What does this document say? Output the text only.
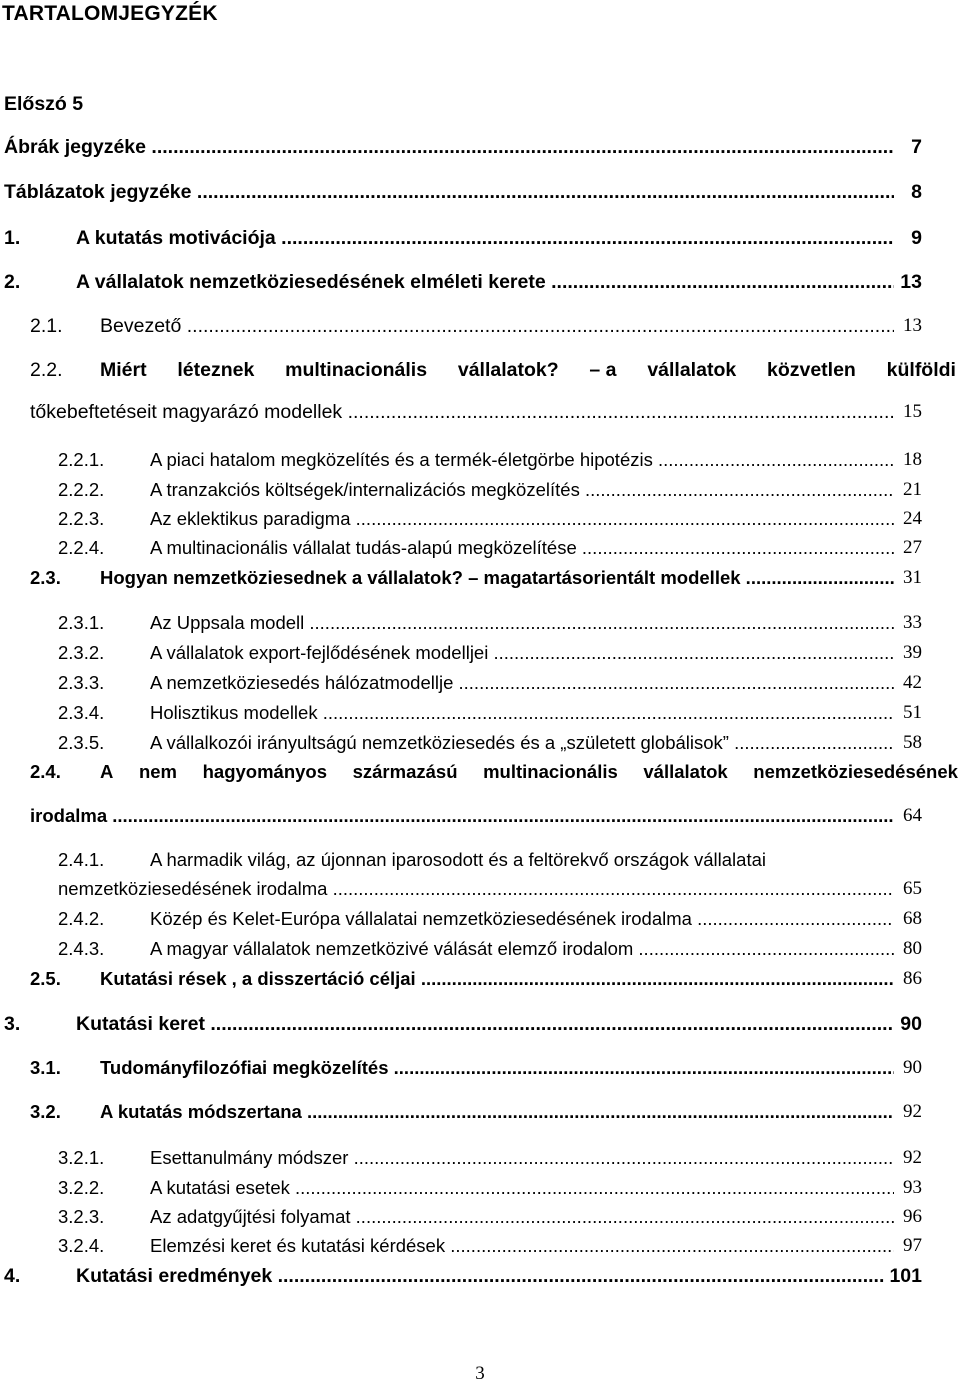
TARTALOMJEGYZÉK
Előszó 5
Ábrák jegyzéke .....	7
Táblázatok jegyzéke .....	8
1.	A kutatás motivációja .....	9
2.	A vállalatok nemzetköziesedésének elméleti kerete .....	13
2.1. Bevezető .....	13
2.2. Miért léteznek multinacionális vállalatok? – a vállalatok közvetlen külföldi
tőkebeftetéseit magyarázó modellek .....	15
2.2.1. A piaci hatalom megközelítés és a termék-életgörbe hipotézis .....	18
2.2.2. A tranzakciós költségek/internalizációs megközelítés .....	21
2.2.3. Az eklektikus paradigma .....	24
2.2.4. A multinacionális vállalat tudás-alapú megközelítése .....	27
2.3. Hogyan nemzetköziesednek a vállalatok? – magatartásorientált modellek .....	31
2.3.1. Az Uppsala modell .....	33
2.3.2. A vállalatok export-fejlődésének modelljei .....	39
2.3.3. A nemzetköziesedés hálózatmodellje .....	42
2.3.4. Holisztikus modellek .....	51
2.3.5. A vállalkozói irányultságú nemzetköziesedés és a „született globálisok” .....	58
2.4. A nem hagyományos származású multinacionális vállalatok nemzetköziesedésének
irodalma .....	64
2.4.1. A harmadik világ, az újonnan iparosodott és a feltörekvő országok vállalatai
nemzetköziesedésének irodalma .....	65
2.4.2. Közép és Kelet-Európa vállalatai nemzetköziesedésének irodalma .....	68
2.4.3. A magyar vállalatok nemzetközivé válását elemző irodalom .....	80
2.5. Kutatási rések , a disszertáció céljai .....	86
3.	Kutatási keret .....	90
3.1. Tudományfilozófiai megközelítés .....	90
3.2. A kutatás módszertana .....	92
3.2.1. Esettanulmány módszer .....	92
3.2.2. A kutatási esetek .....	93
3.2.3. Az adatgyűjtési folyamat .....	96
3.2.4. Elemzési keret és kutatási kérdések .....	97
4.	Kutatási eredmények .....	101
3
